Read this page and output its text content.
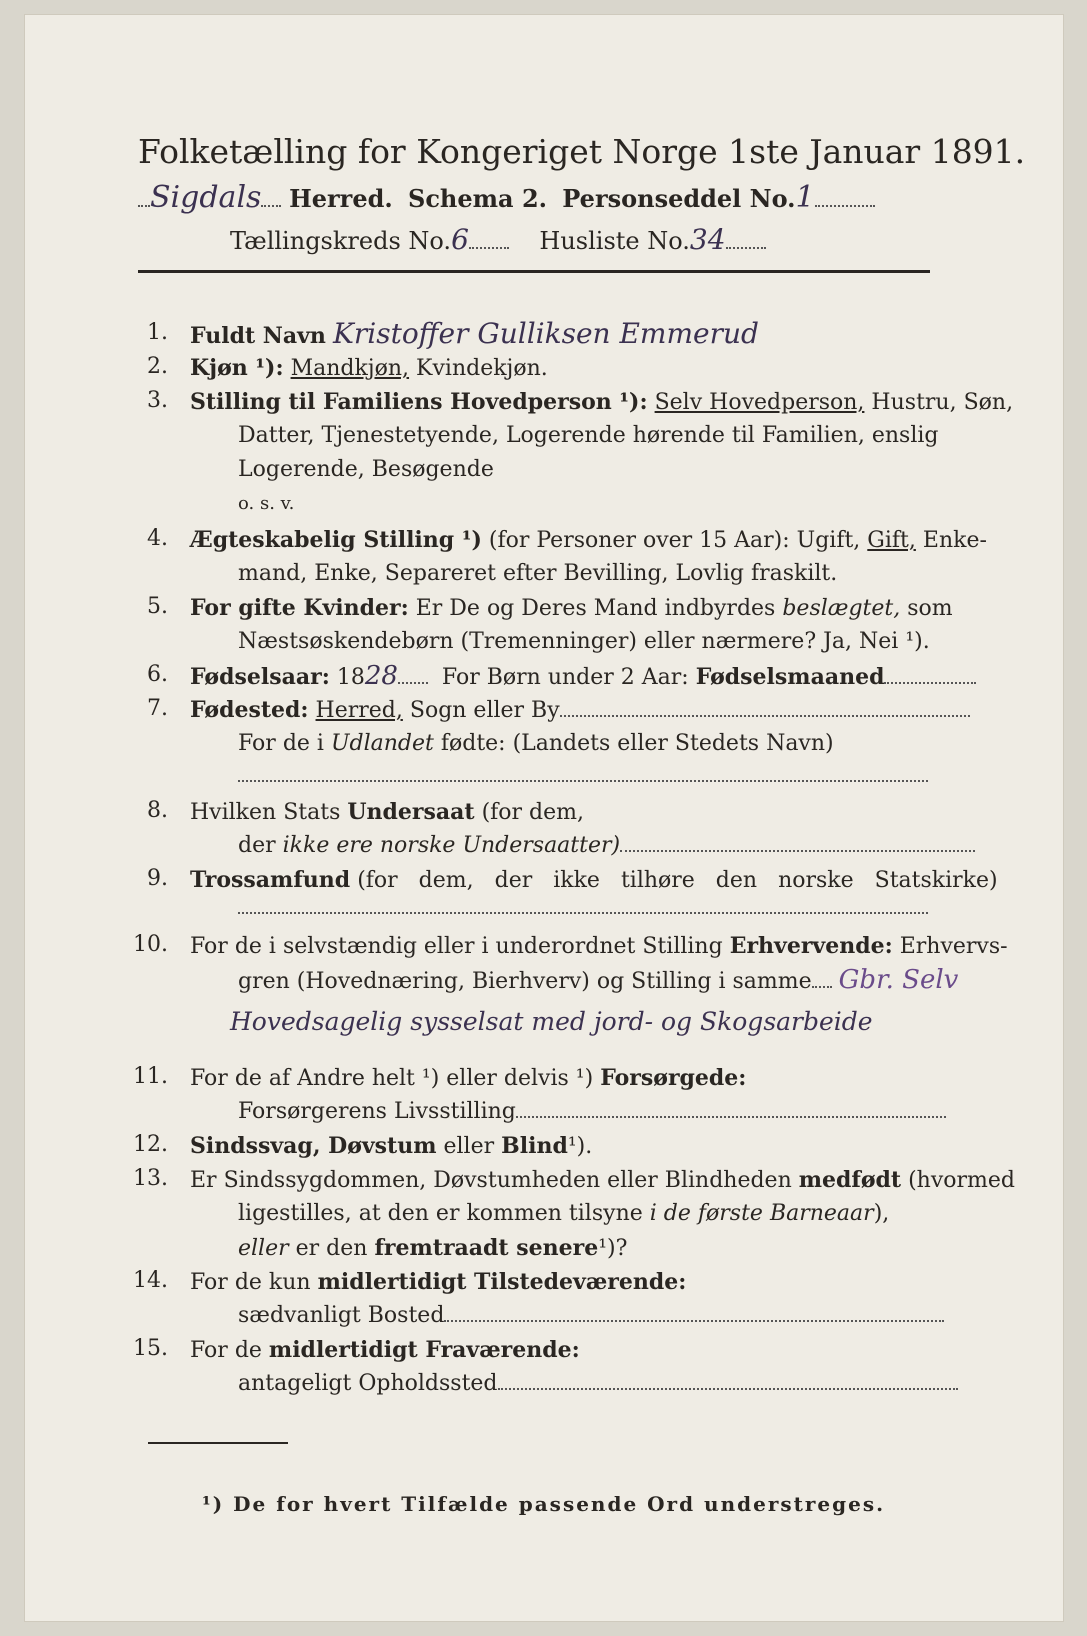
Folketælling for Kongeriget Norge 1ste Januar 1891.
Sigdals Herred. Schema 2. Personseddel No.1
Tællingskreds No.6	Husliste No.34
1. Fuldt Navn Kristoffer Gulliksen Emmerud
2. Kjøn ¹): Mandkjøn, Kvindekjøn.
3. Stilling til Familiens Hovedperson ¹): Selv Hovedperson, Hustru, Søn,
Datter, Tjenestetyende, Logerende hørende til Familien, enslig
Logerende, Besøgende
o. s. v.
4. Ægteskabelig Stilling ¹) (for Personer over 15 Aar): Ugift, Gift, Enke-
mand, Enke, Separeret efter Bevilling, Lovlig fraskilt.
5. For gifte Kvinder: Er De og Deres Mand indbyrdes beslægtet, som
Næstsøskendebørn (Tremenninger) eller nærmere? Ja, Nei ¹).
6. Fødselsaar: 1828 For Børn under 2 Aar: Fødselsmaaned
7. Fødested: Herred, Sogn eller By
For de i Udlandet fødte: (Landets eller Stedets Navn)
8. Hvilken Stats Undersaat (for dem,
der ikke ere norske Undersaatter)
9. Trossamfund (for dem, der ikke tilhøre den norske Statskirke)
10. For de i selvstændig eller i underordnet Stilling Erhvervende: Erhvervs-
gren (Hovednæring, Bierhverv) og Stilling i samme Gbr. Selv
Hovedsagelig sysselsat med jord- og Skogsarbeide
11. For de af Andre helt ¹) eller delvis ¹) Forsørgede:
Forsørgerens Livsstilling
12. Sindssvag, Døvstum eller Blind¹).
13. Er Sindssygdommen, Døvstumheden eller Blindheden medfødt (hvormed
ligestilles, at den er kommen tilsyne i de første Barneaar),
eller er den fremtraadt senere¹)?
14. For de kun midlertidigt Tilstedeværende:
sædvanligt Bosted
15. For de midlertidigt Fraværende:
antageligt Opholdssted
¹) De for hvert Tilfælde passende Ord understreges.
